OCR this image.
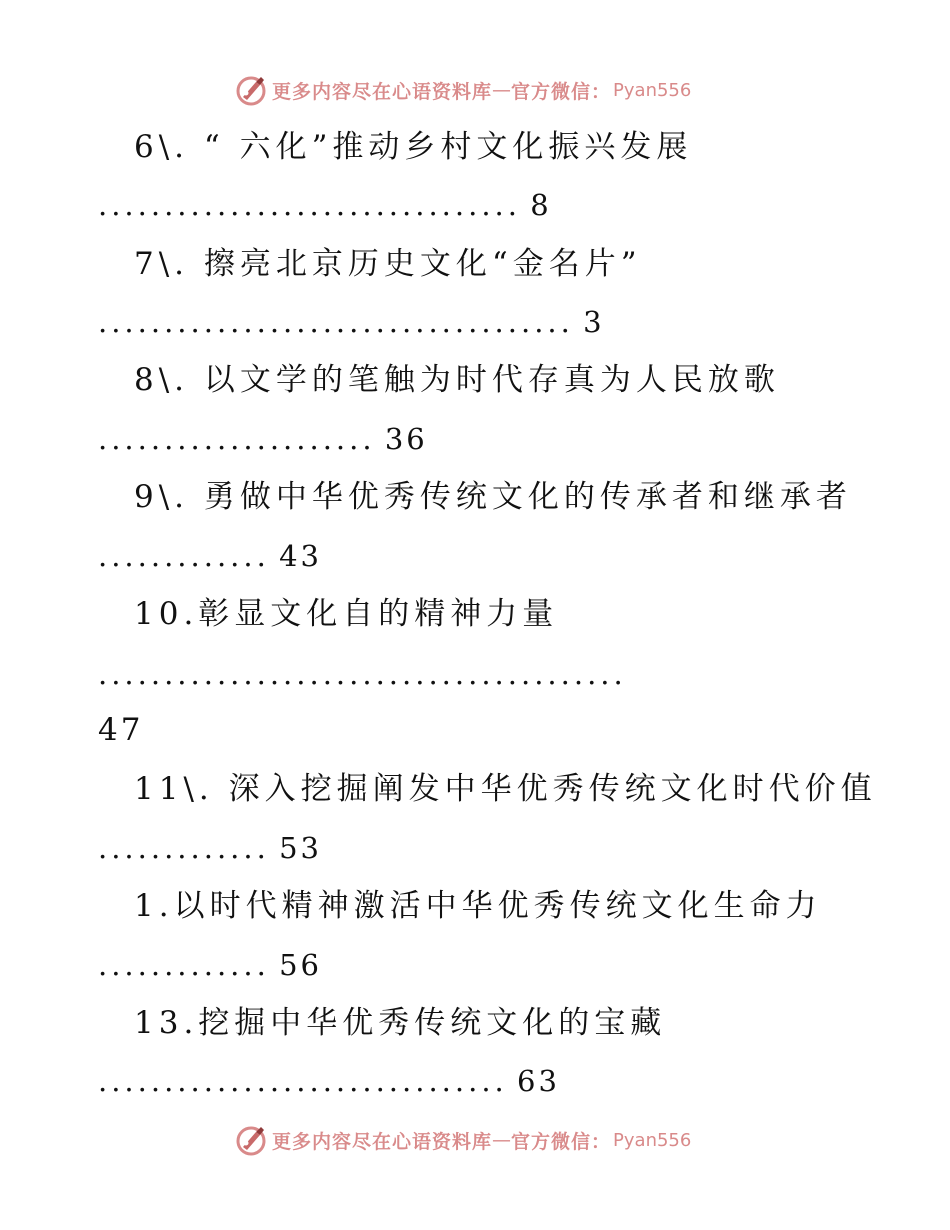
更多内容尽在心语资料库 — 官方微信： Pyan556
6\. “ 六化”推动乡村文化振兴发展
................................ 8
7\. 擦亮北京历史文化“金名片”
.................................... 3
8\. 以文学的笔触为时代存真为人民放歌
..................... 36
9\. 勇做中华优秀传统文化的传承者和继承者
............. 43
10.彰显文化自的精神力量
........................................
47
11\. 深入挖掘阐发中华优秀传统文化时代价值
............. 53
1.以时代精神激活中华优秀传统文化生命力
............. 56
13.挖掘中华优秀传统文化的宝藏
............................... 63
更多内容尽在心语资料库 — 官方微信： Pyan556
